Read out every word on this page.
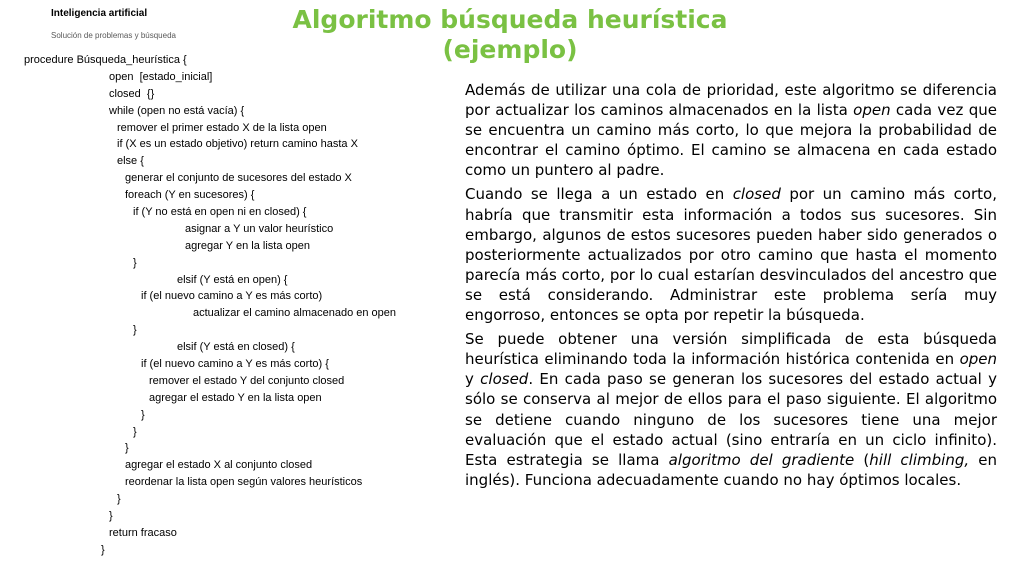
Inteligencia artificial
Solución de problemas y búsqueda
Algoritmo búsqueda heurística
(ejemplo)
procedure Búsqueda_heurística {
open  [estado_inicial]
closed  {}
while (open no está vacía) {
remover el primer estado X de la lista open
if (X es un estado objetivo) return camino hasta X
else {
generar el conjunto de sucesores del estado X
foreach (Y en sucesores) {
if (Y no está en open ni en closed) {
asignar a Y un valor heurístico
agregar Y en la lista open
}
elsif (Y está en open) {
if (el nuevo camino a Y es más corto)
actualizar el camino almacenado en open
}
elsif (Y está en closed) {
if (el nuevo camino a Y es más corto) {
remover el estado Y del conjunto closed
agregar el estado Y en la lista open
}
}
}
agregar el estado X al conjunto closed
reordenar la lista open según valores heurísticos
}
}
return fracaso
}

Además de utilizar una cola de prioridad, este algoritmo se diferencia por actualizar los caminos almacenados en la lista open cada vez que se encuentra un camino más corto, lo que mejora la probabilidad de encontrar el camino óptimo. El camino se almacena en cada estado como un puntero al padre.

Cuando se llega a un estado en closed por un camino más corto, habría que transmitir esta información a todos sus sucesores. Sin embargo, algunos de estos sucesores pueden haber sido generados o posteriormente actualizados por otro camino que hasta el momento parecía más corto, por lo cual estarían desvinculados del ancestro que se está considerando. Administrar este problema sería muy engorroso, entonces se opta por repetir la búsqueda.

Se puede obtener una versión simplificada de esta búsqueda heurística eliminando toda la información histórica contenida en open y closed. En cada paso se generan los sucesores del estado actual y sólo se conserva al mejor de ellos para el paso siguiente. El algoritmo se detiene cuando ninguno de los sucesores tiene una mejor evaluación que el estado actual (sino entraría en un ciclo infinito). Esta estrategia se llama algoritmo del gradiente (hill climbing, en inglés). Funciona adecuadamente cuando no hay óptimos locales.
